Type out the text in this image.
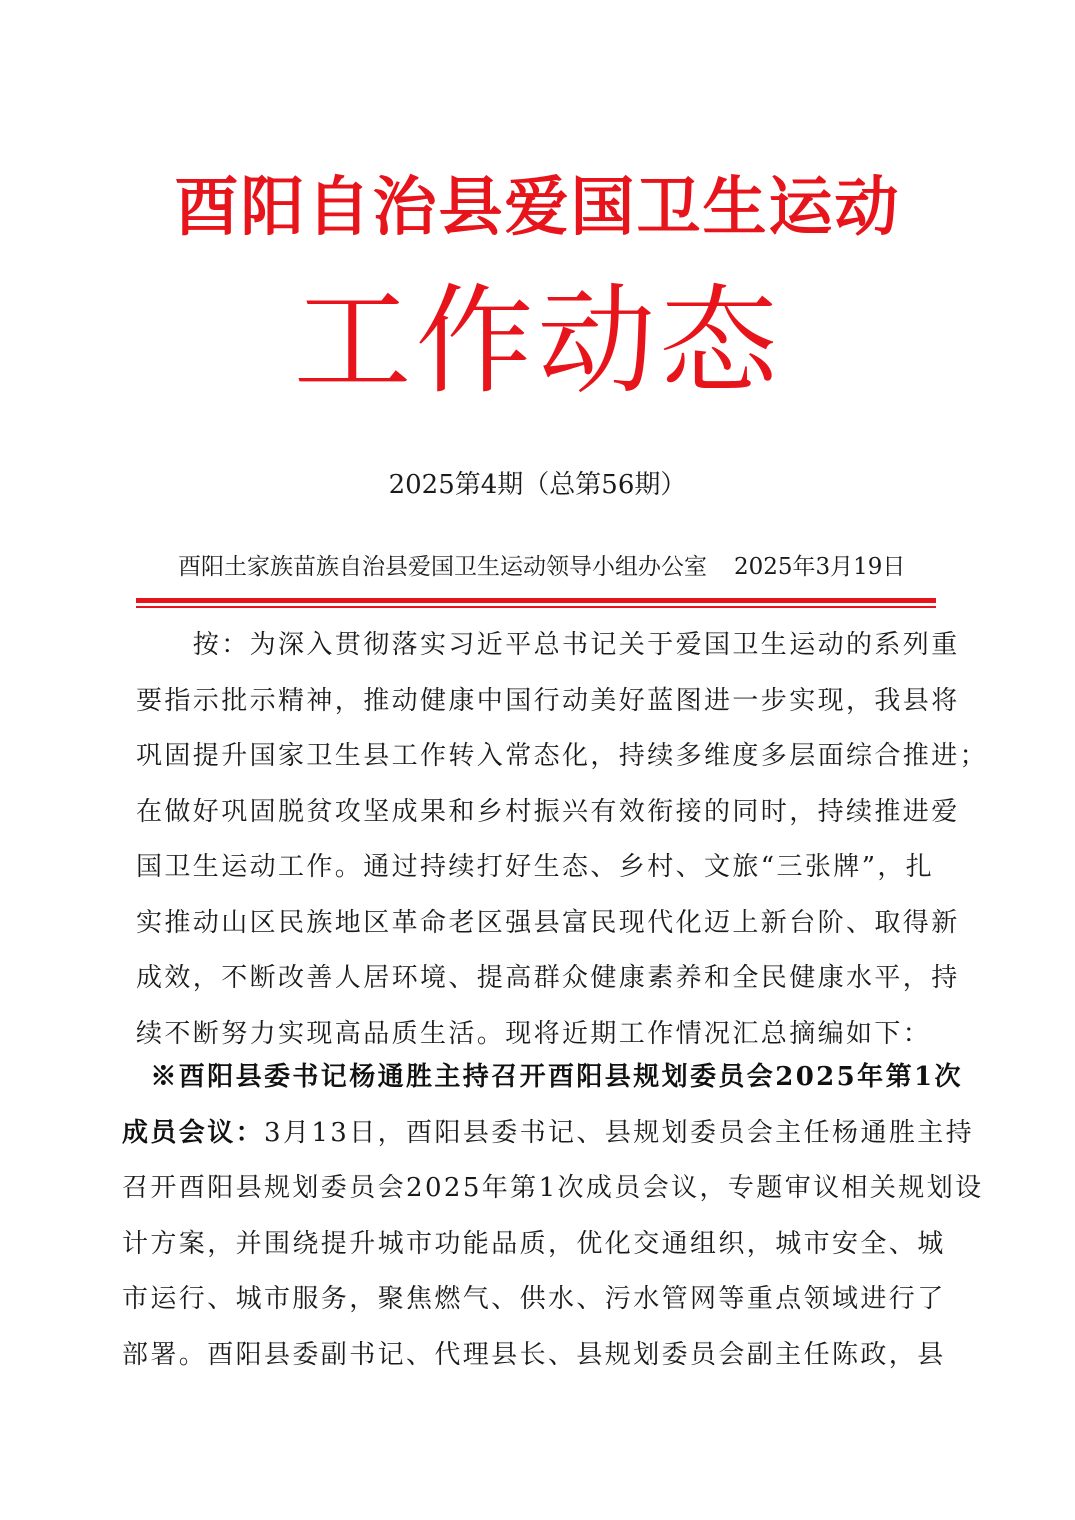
酉阳自治县爱国卫生运动
工作动态
2025第4期（总第56期）
酉阳土家族苗族自治县爱国卫生运动领导小组办公室 2025年3月19日
　　按：为深入贯彻落实习近平总书记关于爱国卫生运动的系列重
要指示批示精神，推动健康中国行动美好蓝图进一步实现，我县将
巩固提升国家卫生县工作转入常态化，持续多维度多层面综合推进；
在做好巩固脱贫攻坚成果和乡村振兴有效衔接的同时，持续推进爱
国卫生运动工作。通过持续打好生态、乡村、文旅“三张牌”，扎
实推动山区民族地区革命老区强县富民现代化迈上新台阶、取得新
成效，不断改善人居环境、提高群众健康素养和全民健康水平，持
续不断努力实现高品质生活。现将近期工作情况汇总摘编如下：
　※酉阳县委书记杨通胜主持召开酉阳县规划委员会2025年第1次
成员会议：3月13日，酉阳县委书记、县规划委员会主任杨通胜主持
召开酉阳县规划委员会2025年第1次成员会议，专题审议相关规划设
计方案，并围绕提升城市功能品质，优化交通组织，城市安全、城
市运行、城市服务，聚焦燃气、供水、污水管网等重点领域进行了
部署。酉阳县委副书记、代理县长、县规划委员会副主任陈政，县
